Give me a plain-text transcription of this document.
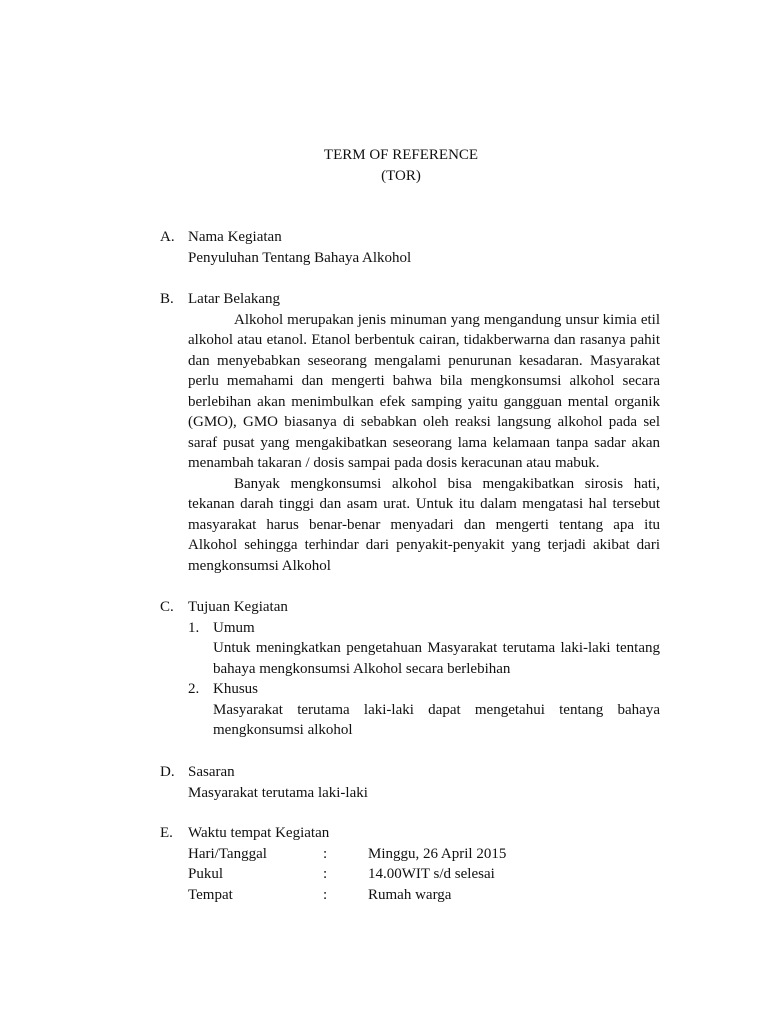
TERM OF REFERENCE
(TOR)
A. Nama Kegiatan
Penyuluhan Tentang Bahaya Alkohol
B. Latar Belakang
Alkohol merupakan jenis minuman yang mengandung unsur kimia etil alkohol atau etanol. Etanol berbentuk cairan, tidakberwarna dan rasanya pahit dan menyebabkan seseorang mengalami penurunan kesadaran. Masyarakat perlu memahami dan mengerti bahwa bila mengkonsumsi alkohol secara berlebihan akan menimbulkan efek samping yaitu gangguan mental organik (GMO), GMO biasanya di sebabkan oleh reaksi langsung alkohol pada sel saraf pusat yang mengakibatkan seseorang lama kelamaan tanpa sadar akan menambah takaran / dosis sampai pada dosis keracunan atau mabuk.
Banyak mengkonsumsi alkohol bisa mengakibatkan sirosis hati, tekanan darah tinggi dan asam urat. Untuk itu dalam mengatasi hal tersebut masyarakat harus benar-benar menyadari dan mengerti tentang apa itu Alkohol sehingga terhindar dari penyakit-penyakit yang terjadi akibat dari mengkonsumsi Alkohol
C. Tujuan Kegiatan
1. Umum
Untuk meningkatkan pengetahuan Masyarakat terutama laki-laki tentang bahaya mengkonsumsi Alkohol secara berlebihan
2. Khusus
Masyarakat terutama laki-laki dapat mengetahui tentang bahaya mengkonsumsi alkohol
D. Sasaran
Masyarakat terutama laki-laki
E.	Waktu tempat Kegiatan
Hari/Tanggal	:	Minggu, 26 April 2015
Pukul	:	14.00WIT s/d selesai
Tempat	:	Rumah warga
